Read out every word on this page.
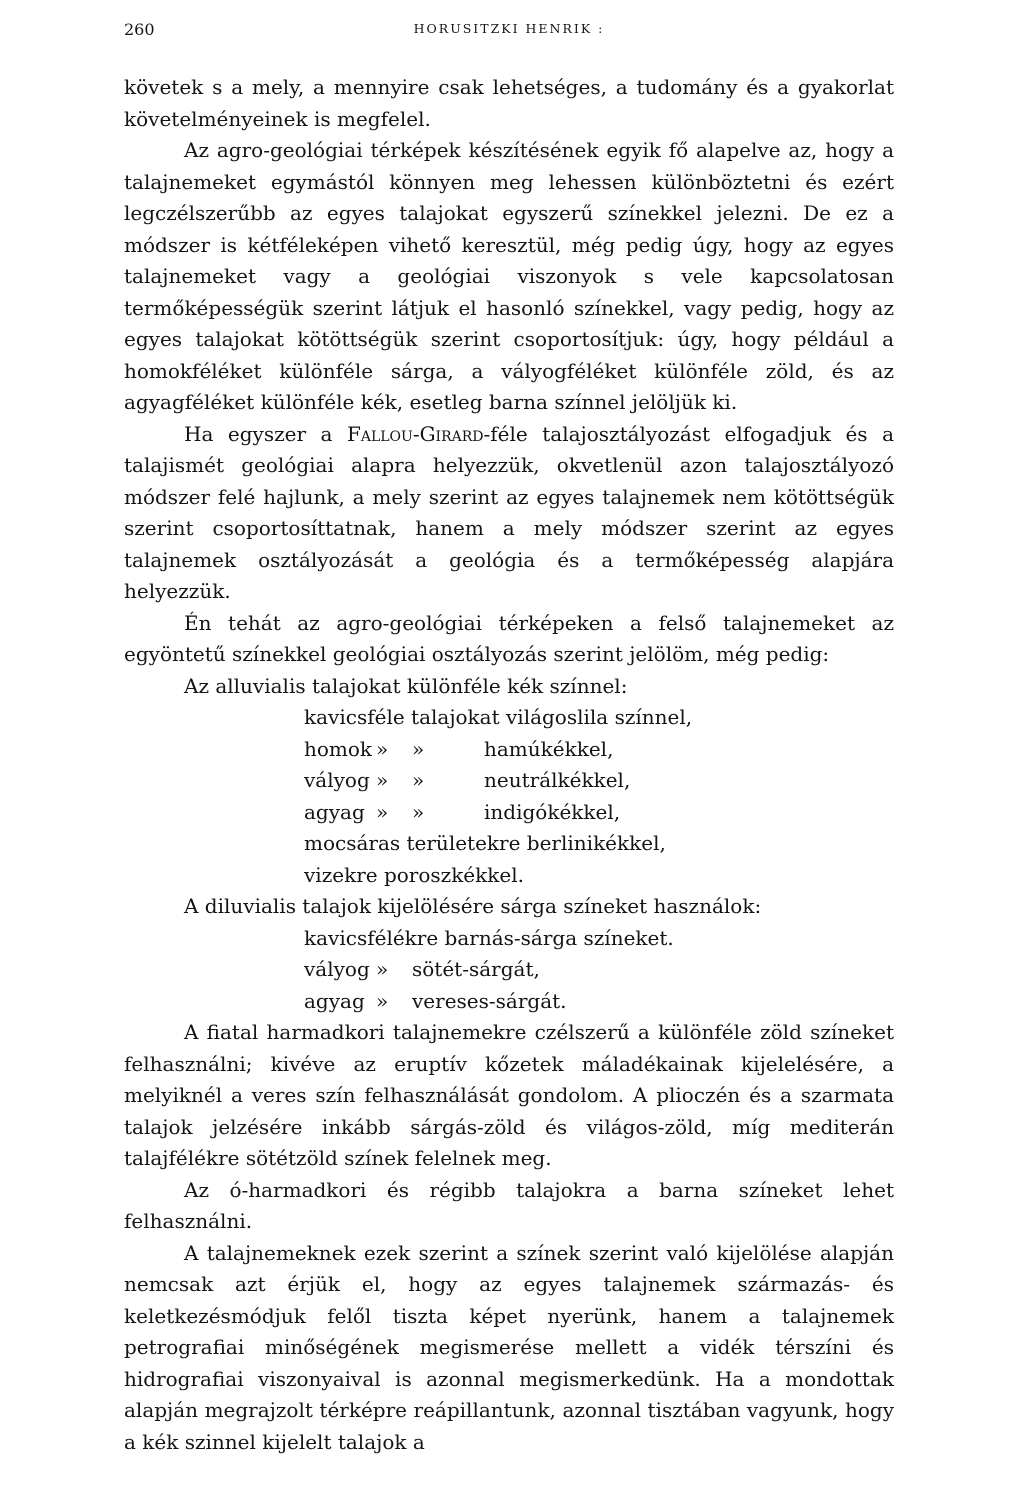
260	HORUSITZKI HENRIK :

követek s a mely, a mennyire csak lehetséges, a tudomány és a gyakorlat követelményeinek is megfelel.

Az agro-geológiai térképek készítésének egyik fő alapelve az, hogy a talajnemeket egymástól könnyen meg lehessen különböztetni és ezért legczélszerűbb az egyes talajokat egyszerű színekkel jelezni. De ez a módszer is kétféleképen vihető keresztül, még pedig úgy, hogy az egyes talajnemeket vagy a geológiai viszonyok s vele kapcsolatosan termőképességük szerint látjuk el hasonló színekkel, vagy pedig, hogy az egyes talajokat kötöttségük szerint csoportosítjuk: úgy, hogy például a homokféléket különféle sárga, a vályogféléket különféle zöld, és az agyagféléket különféle kék, esetleg barna színnel jelöljük ki.

Ha egyszer a Fallou-Girard-féle talajosztályozást elfogadjuk és a talajismét geológiai alapra helyezzük, okvetlenül azon talajosztályozó módszer felé hajlunk, a mely szerint az egyes talajnemek nem kötöttségük szerint csoportosíttatnak, hanem a mely módszer szerint az egyes talajnemek osztályozását a geológia és a termőképesség alapjára helyezzük.

Én tehát az agro-geológiai térképeken a felső talajnemeket az egyöntetű színekkel geológiai osztályozás szerint jelölöm, még pedig:

Az alluvialis talajokat különféle kék színnel:

kavicsféle talajokat világoslila színnel,
homok » »	hamúkékkel,
vályog » »	neutrálkékkel,
agyag » »	indigókékkel,
mocsáras területekre berlinikékkel,
vizekre poroszkékkel.

A diluvialis talajok kijelölésére sárga színeket használok:

kavicsfélékre barnás-sárga színeket.
vályog » sötét-sárgát,
agyag » vereses-sárgát.

A fiatal harmadkori talajnemekre czélszerű a különféle zöld színeket felhasználni; kivéve az eruptív kőzetek máladékainak kijelelésére, a melyiknél a veres szín felhasználását gondolom. A plioczén és a szarmata talajok jelzésére inkább sárgás-zöld és világos-zöld, míg mediterán talajfélékre sötétzöld színek felelnek meg.

Az ó-harmadkori és régibb talajokra a barna színeket lehet felhasználni.

A talajnemeknek ezek szerint a színek szerint való kijelölése alapján nemcsak azt érjük el, hogy az egyes talajnemek származás- és keletkezésmódjuk felől tiszta képet nyerünk, hanem a talajnemek petrografiai minőségének megismerése mellett a vidék térszíni és hidrografiai viszonyaival is azonnal megismerkedünk. Ha a mondottak alapján megrajzolt térképre reápillantunk, azonnal tisztában vagyunk, hogy a kék szinnel kijelelt talajok a
